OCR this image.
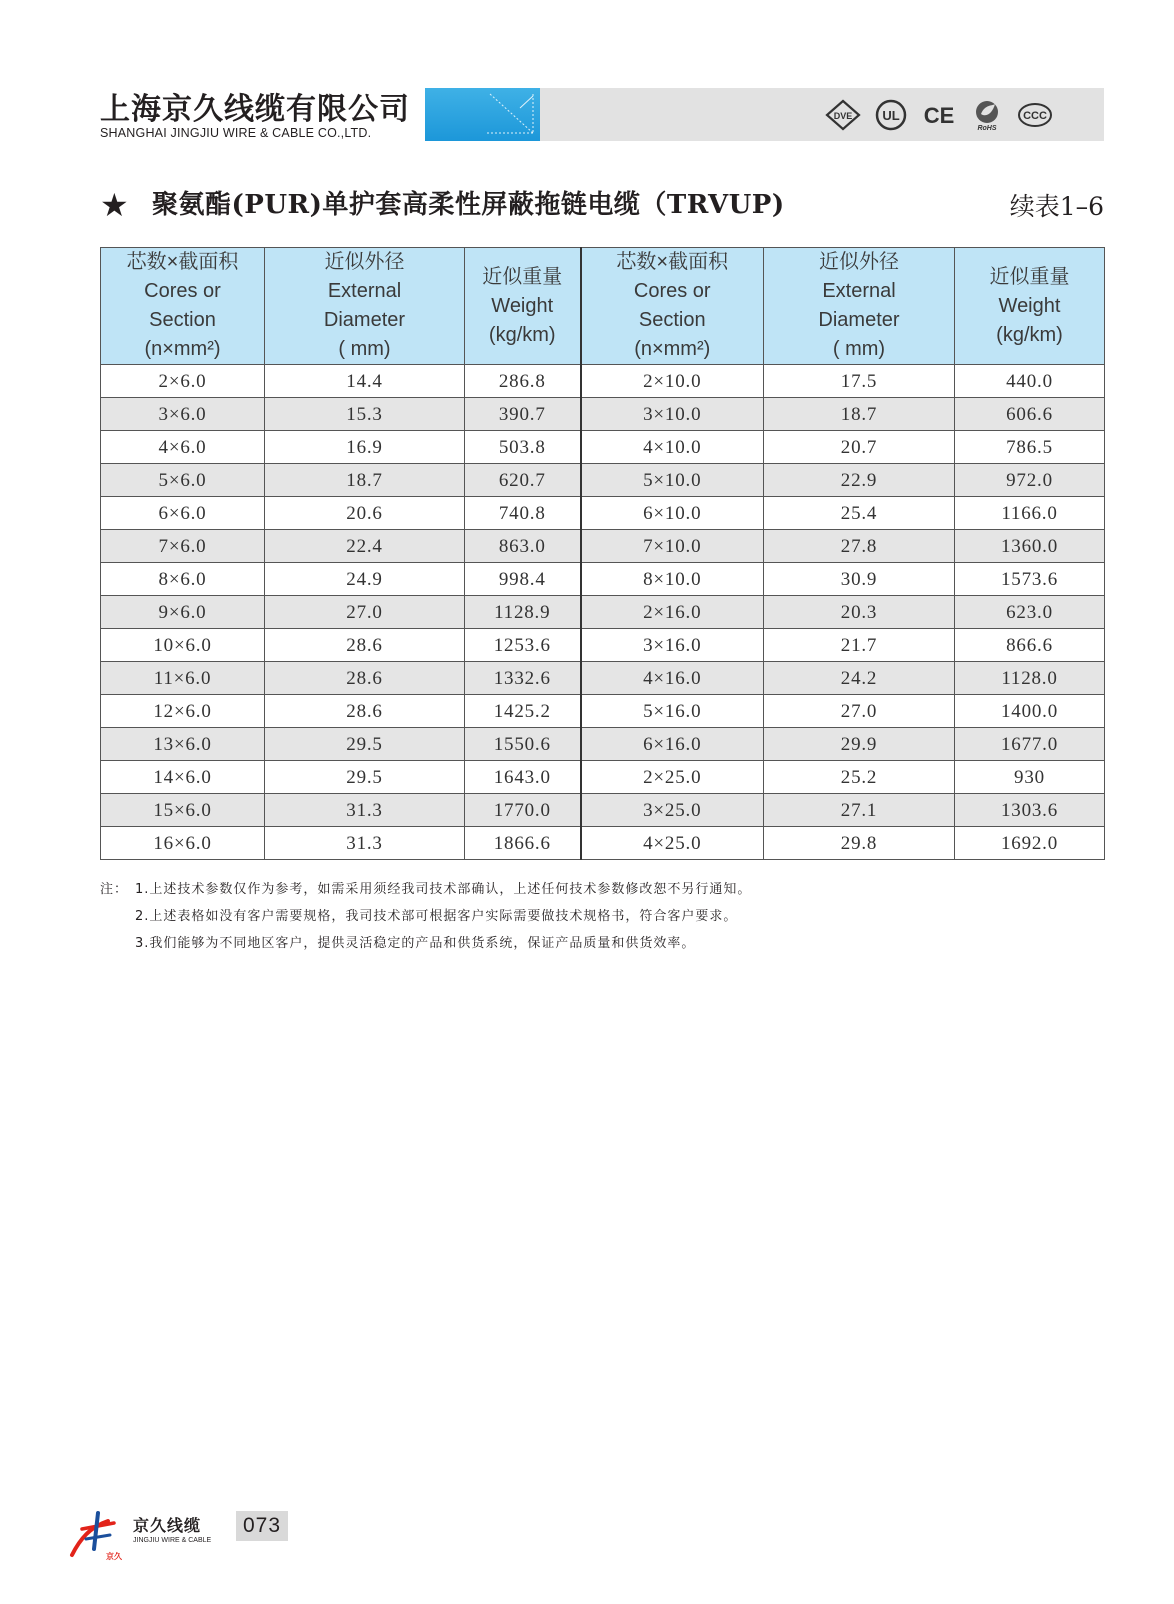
上海京久线缆有限公司
SHANGHAI JINGJIU WIRE & CABLE CO.,LTD.
DVE UL CE
RoHS
CCC
★ 聚氨酯(PUR)单护套高柔性屏蔽拖链电缆（TRVUP)	续表1–6
芯数×截面积
Cores or
Section
(n×mm²)	近似外径
External
Diameter
( mm)	近似重量
Weight
(kg/km)	芯数×截面积
Cores or
Section
(n×mm²)	近似外径
External
Diameter
( mm)	近似重量
Weight
(kg/km)

2×6.0	14.4	286.8	2×10.0	17.5	440.0
3×6.0	15.3	390.7	3×10.0	18.7	606.6
4×6.0	16.9	503.8	4×10.0	20.7	786.5
5×6.0	18.7	620.7	5×10.0	22.9	972.0
6×6.0	20.6	740.8	6×10.0	25.4	1166.0
7×6.0	22.4	863.0	7×10.0	27.8	1360.0
8×6.0	24.9	998.4	8×10.0	30.9	1573.6
9×6.0	27.0	1128.9	2×16.0	20.3	623.0
10×6.0	28.6	1253.6	3×16.0	21.7	866.6
11×6.0	28.6	1332.6	4×16.0	24.2	1128.0
12×6.0	28.6	1425.2	5×16.0	27.0	1400.0
13×6.0	29.5	1550.6	6×16.0	29.9	1677.0
14×6.0	29.5	1643.0	2×25.0	25.2	930
15×6.0	31.3	1770.0	3×25.0	27.1	1303.6
16×6.0	31.3	1866.6	4×25.0	29.8	1692.0
注： 1.上述技术参数仅作为参考，如需采用须经我司技术部确认，上述任何技术参数修改恕不另行通知。
2.上述表格如没有客户需要规格，我司技术部可根据客户实际需要做技术规格书，符合客户要求。
3.我们能够为不同地区客户，提供灵活稳定的产品和供货系统，保证产品质量和供货效率。
京久
京久线缆
JINGJIU WIRE & CABLE
073
